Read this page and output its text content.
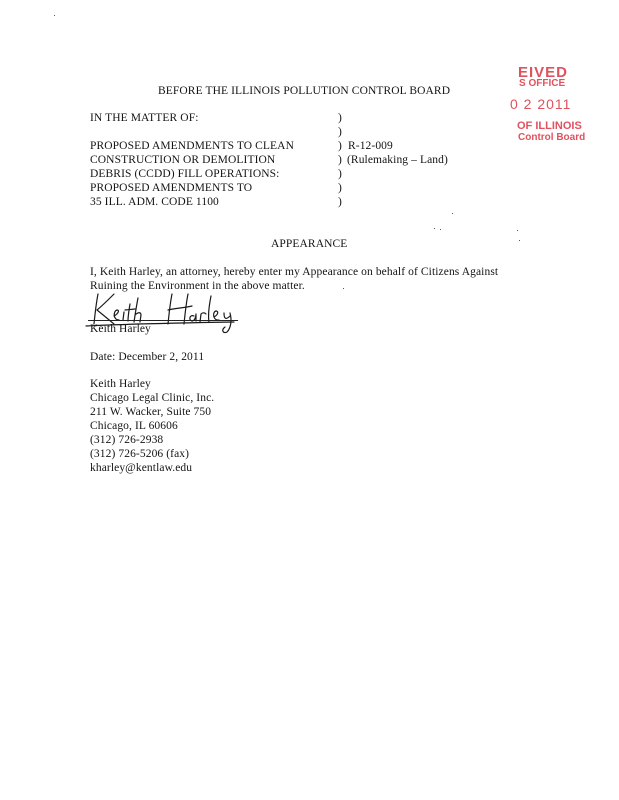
EIVED
S OFFICE
0 2 2011
OF ILLINOIS
Control Board
BEFORE THE ILLINOIS POLLUTION CONTROL BOARD
IN THE MATTER OF:
PROPOSED AMENDMENTS TO CLEAN
CONSTRUCTION OR DEMOLITION
DEBRIS (CCDD) FILL OPERATIONS:
PROPOSED AMENDMENTS TO
35 ILL. ADM. CODE 1100
)
)
)
)
)
)
)
R-12-009
(Rulemaking – Land)
APPEARANCE
I, Keith Harley, an attorney, hereby enter my Appearance on behalf of Citizens Against
Ruining the Environment in the above matter.
Keith Harley
Date: December 2, 2011
Keith Harley
Chicago Legal Clinic, Inc.
211 W. Wacker, Suite 750
Chicago, IL 60606
(312) 726-2938
(312) 726-5206 (fax)
kharley@kentlaw.edu
